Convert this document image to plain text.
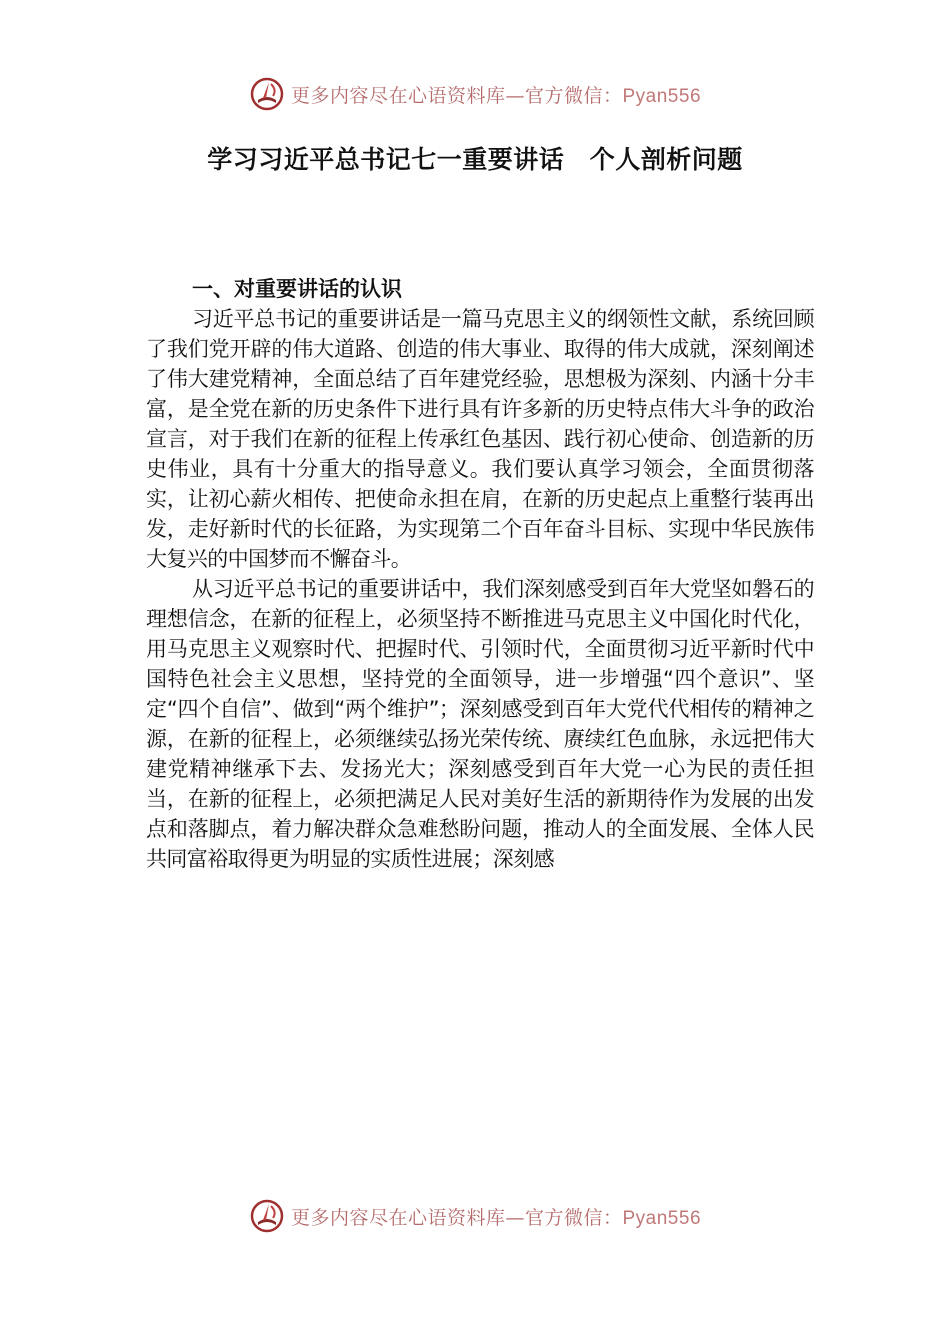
更多内容尽在心语资料库—官方微信：Pyan556
学习习近平总书记七一重要讲话　个人剖析问题

一、对重要讲话的认识

习近平总书记的重要讲话是一篇马克思主义的纲领性文献，系统回顾了我们党开辟的伟大道路、创造的伟大事业、取得的伟大成就，深刻阐述了伟大建党精神，全面总结了百年建党经验，思想极为深刻、内涵十分丰富，是全党在新的历史条件下进行具有许多新的历史特点伟大斗争的政治宣言，对于我们在新的征程上传承红色基因、践行初心使命、创造新的历史伟业，具有十分重大的指导意义。我们要认真学习领会，全面贯彻落实，让初心薪火相传、把使命永担在肩，在新的历史起点上重整行装再出发，走好新时代的长征路，为实现第二个百年奋斗目标、实现中华民族伟大复兴的中国梦而不懈奋斗。

从习近平总书记的重要讲话中，我们深刻感受到百年大党坚如磐石的理想信念，在新的征程上，必须坚持不断推进马克思主义中国化时代化，用马克思主义观察时代、把握时代、引领时代，全面贯彻习近平新时代中国特色社会主义思想，坚持党的全面领导，进一步增强“四个意识”、坚定“四个自信”、做到“两个维护”；深刻感受到百年大党代代相传的精神之源，在新的征程上，必须继续弘扬光荣传统、赓续红色血脉，永远把伟大建党精神继承下去、发扬光大；深刻感受到百年大党一心为民的责任担当，在新的征程上，必须把满足人民对美好生活的新期待作为发展的出发点和落脚点，着力解决群众急难愁盼问题，推动人的全面发展、全体人民共同富裕取得更为明显的实质性进展；深刻感

更多内容尽在心语资料库—官方微信：Pyan556
